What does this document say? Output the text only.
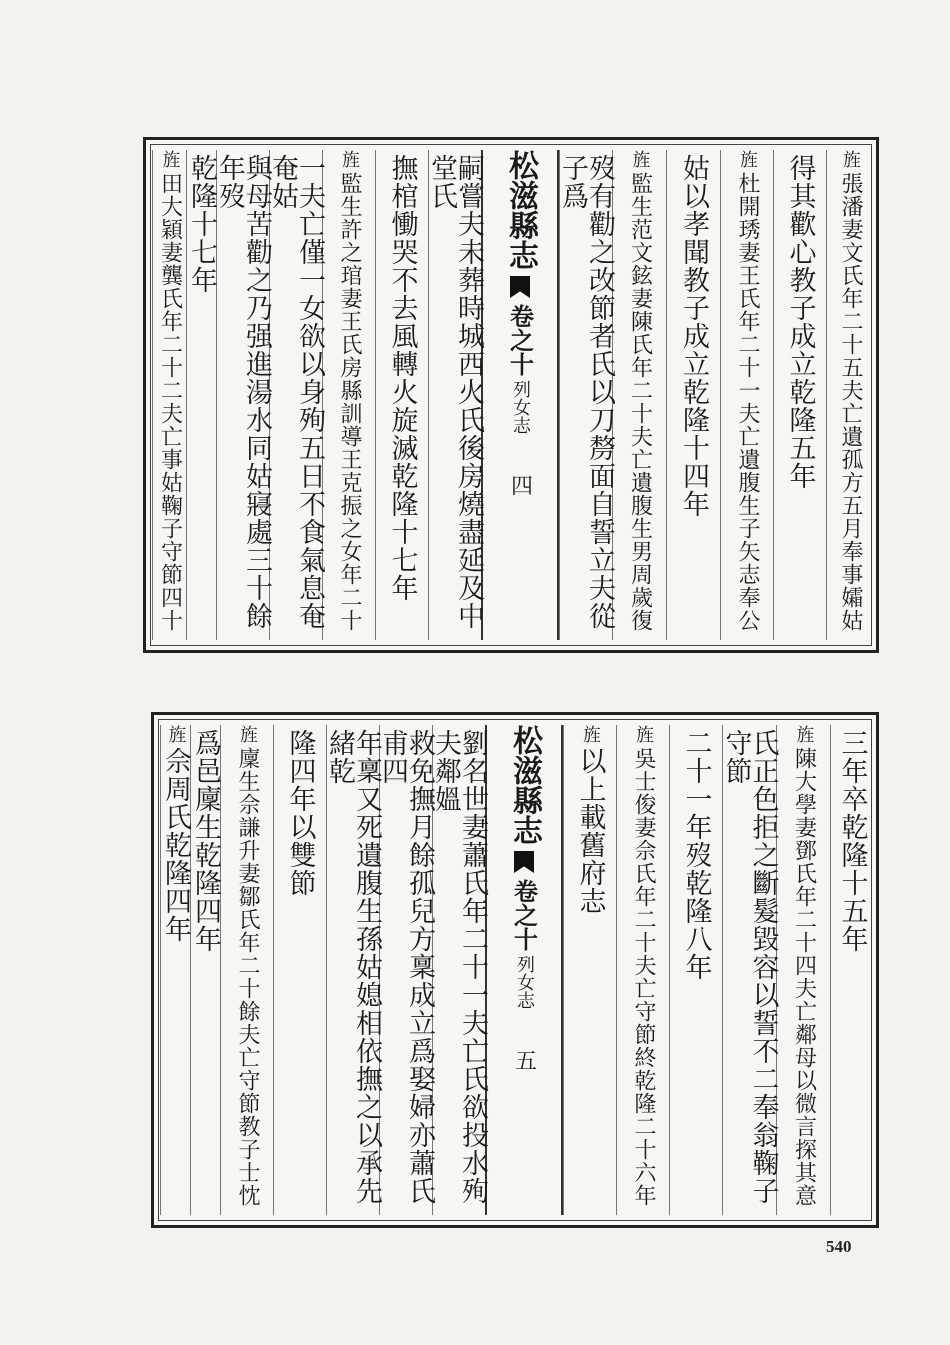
旌
張潘妻文氏年二十五夫亡遺孤方五月奉事孀姑
得其歡心教子成立乾隆五年
旌
杜開琇妻王氏年二十一夫亡遺腹生子矢志奉公
姑以孝聞教子成立乾隆十四年
旌
監生范文鉉妻陳氏年二十夫亡遺腹生男周歲復
歿有勸之改節者氏以刀剺面自誓立夫從子爲
松滋縣志
卷之十
列女志
四
嗣嘗夫未葬時城西火氏後房燒盡延及中堂氏
撫棺慟哭不去風轉火旋滅乾隆十七年
旌
監生許之琯妻王氏房縣訓導王克振之女年二十
一夫亡僅一女欲以身殉五日不食氣息奄奄姑
與母苦勸之乃强進湯水同姑寢處三十餘年歿
乾隆十七年
旌
田大穎妻龔氏年二十二夫亡事姑鞠子守節四十
三年卒乾隆十五年
旌
陳大學妻鄧氏年二十四夫亡鄰母以微言探其意
氏正色拒之斷髮毀容以誓不二奉翁鞠子守節
二十一年歿乾隆八年
旌
吳士俊妻佘氏年二十夫亡守節終乾隆二十六年
旌
以上載舊府志
松滋縣志
卷之十
列女志
五
劉名世妻蕭氏年二十一夫亡氏欲投水殉夫鄰媼
救免撫月餘孤兒方稟成立爲娶婦亦蕭氏甫四
年稟又死遺腹生孫姑媳相依撫之以承先緒乾
隆四年以雙節
旌
廩生佘謙升妻鄒氏年二十餘夫亡守節教子士忱
爲邑廩生乾隆四年
旌
佘周氏乾隆四年
540
